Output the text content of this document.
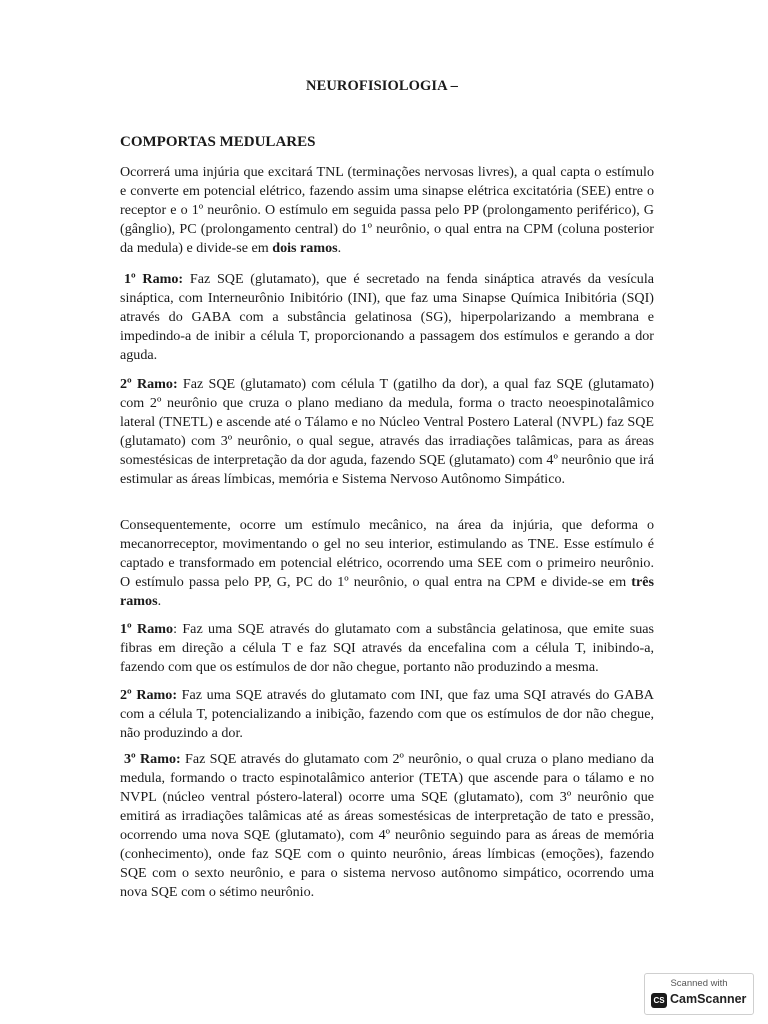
NEUROFISIOLOGIA –
COMPORTAS MEDULARES

Ocorrerá uma injúria que excitará TNL (terminações nervosas livres), a qual capta o estímulo e converte em potencial elétrico, fazendo assim uma sinapse elétrica excitatória (SEE) entre o receptor e o 1º neurônio. O estímulo em seguida passa pelo PP (prolongamento periférico), G (gânglio), PC (prolongamento central) do 1º neurônio, o qual entra na CPM (coluna posterior da medula) e divide-se em dois ramos.

1º Ramo: Faz SQE (glutamato), que é secretado na fenda sináptica através da vesícula sináptica, com Interneurônio Inibitório (INI), que faz uma Sinapse Química Inibitória (SQI) através do GABA com a substância gelatinosa (SG), hiperpolarizando a membrana e impedindo-a de inibir a célula T, proporcionando a passagem dos estímulos e gerando a dor aguda.

2º Ramo: Faz SQE (glutamato) com célula T (gatilho da dor), a qual faz SQE (glutamato) com 2º neurônio que cruza o plano mediano da medula, forma o tracto neoespinotalâmico lateral (TNETL) e ascende até o Tálamo e no Núcleo Ventral Postero Lateral (NVPL) faz SQE (glutamato) com 3º neurônio, o qual segue, através das irradiações talâmicas, para as áreas somestésicas de interpretação da dor aguda, fazendo SQE (glutamato) com 4º neurônio que irá estimular as áreas límbicas, memória e Sistema Nervoso Autônomo Simpático.

Consequentemente, ocorre um estímulo mecânico, na área da injúria, que deforma o mecanorreceptor, movimentando o gel no seu interior, estimulando as TNE. Esse estímulo é captado e transformado em potencial elétrico, ocorrendo uma SEE com o primeiro neurônio. O estímulo passa pelo PP, G, PC do 1º neurônio, o qual entra na CPM e divide-se em três ramos.

1º Ramo: Faz uma SQE através do glutamato com a substância gelatinosa, que emite suas fibras em direção a célula T e faz SQI através da encefalina com a célula T, inibindo-a, fazendo com que os estímulos de dor não chegue, portanto não produzindo a mesma.

2º Ramo: Faz uma SQE através do glutamato com INI, que faz uma SQI através do GABA com a célula T, potencializando a inibição, fazendo com que os estímulos de dor não chegue, não produzindo a dor.

3º Ramo: Faz SQE através do glutamato com 2º neurônio, o qual cruza o plano mediano da medula, formando o tracto espinotalâmico anterior (TETA) que ascende para o tálamo e no NVPL (núcleo ventral póstero-lateral) ocorre uma SQE (glutamato), com 3º neurônio que emitirá as irradiações talâmicas até as áreas somestésicas de interpretação de tato e pressão, ocorrendo uma nova SQE (glutamato), com 4º neurônio seguindo para as áreas de memória (conhecimento), onde faz SQE com o quinto neurônio, áreas límbicas (emoções), fazendo SQE com o sexto neurônio, e para o sistema nervoso autônomo simpático, ocorrendo uma nova SQE com o sétimo neurônio.

Scanned with
CS CamScanner
